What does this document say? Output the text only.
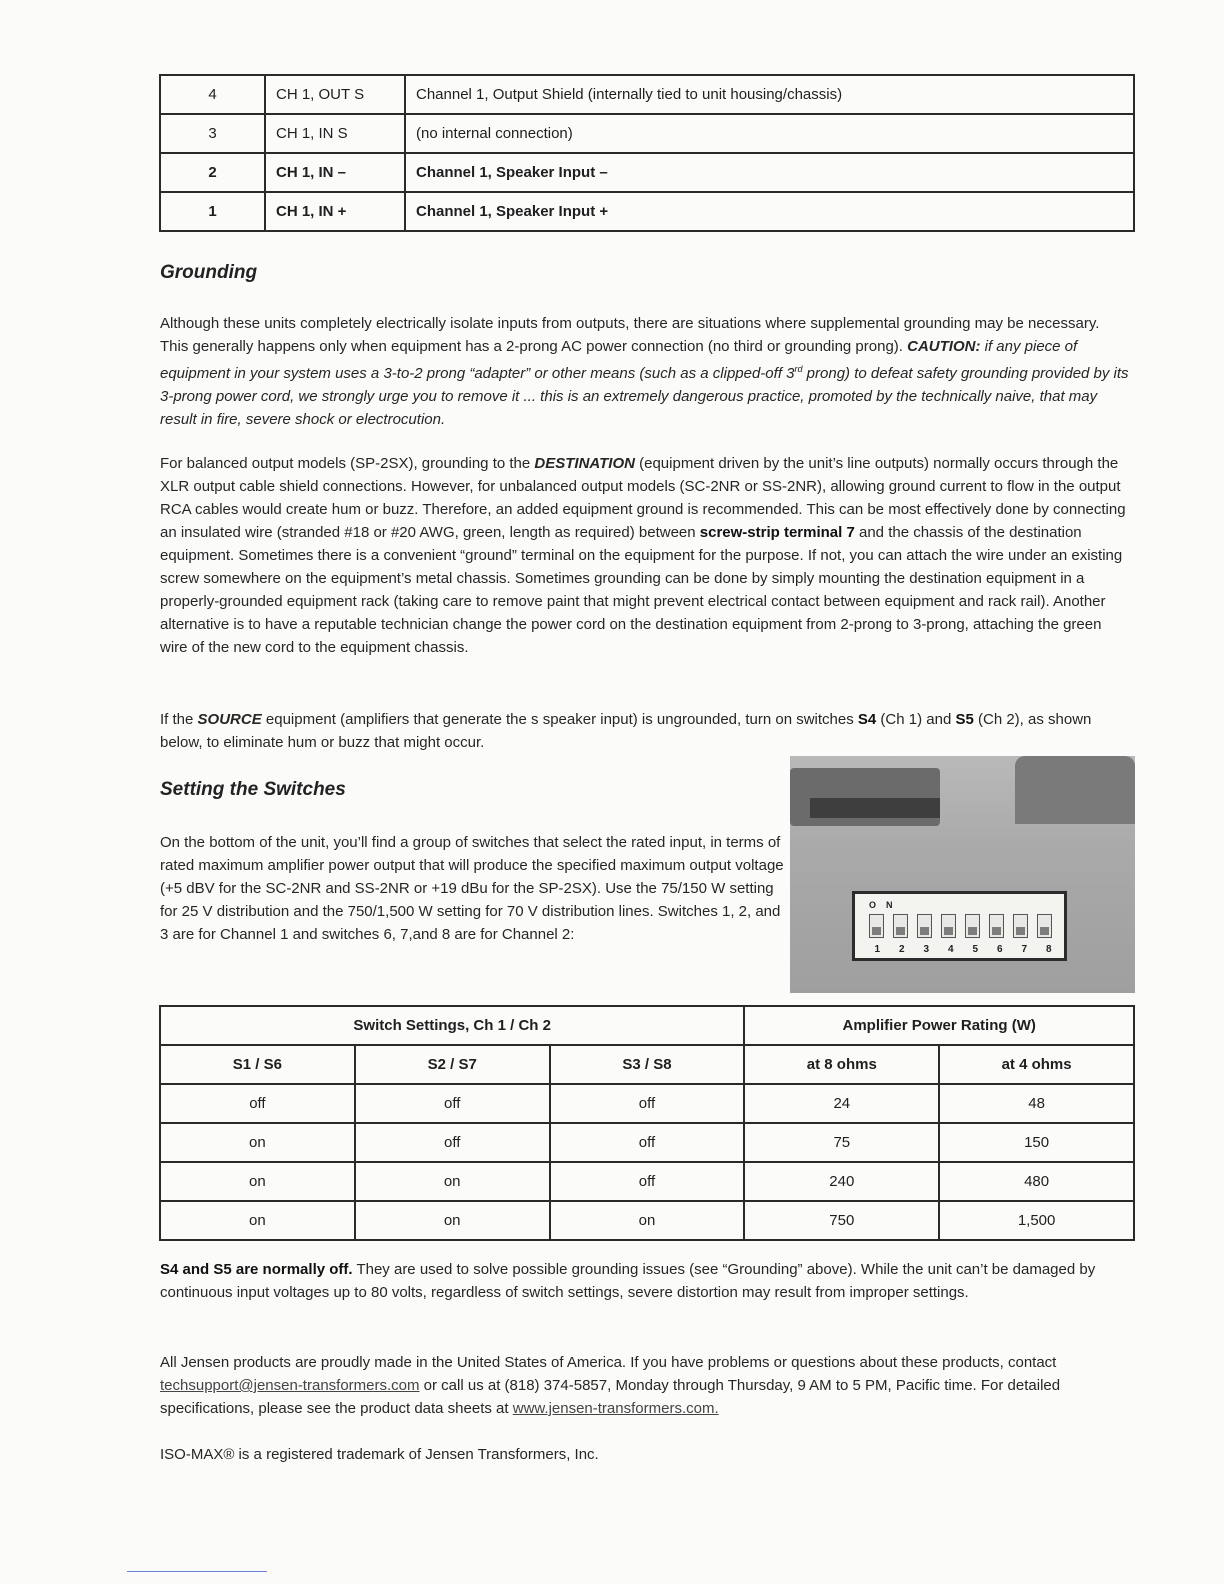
4	CH 1, OUT S	Channel 1, Output Shield (internally tied to unit housing/chassis)
3	CH 1, IN S	(no internal connection)
2	CH 1, IN –	Channel 1, Speaker Input –
1	CH 1, IN +	Channel 1, Speaker Input +
Grounding

Although these units completely electrically isolate inputs from outputs, there are situations where supplemental grounding may be necessary. This generally happens only when equipment has a 2-prong AC power connection (no third or grounding prong). CAUTION: if any piece of equipment in your system uses a 3-to-2 prong “adapter” or other means (such as a clipped-off 3rd prong) to defeat safety grounding provided by its 3-prong power cord, we strongly urge you to remove it ... this is an extremely dangerous practice, promoted by the technically naive, that may result in fire, severe shock or electrocution.

For balanced output models (SP-2SX), grounding to the DESTINATION (equipment driven by the unit’s line outputs) normally occurs through the XLR output cable shield connections. However, for unbalanced output models (SC-2NR or SS-2NR), allowing ground current to flow in the output RCA cables would create hum or buzz. Therefore, an added equipment ground is recommended. This can be most effectively done by connecting an insulated wire (stranded #18 or #20 AWG, green, length as required) between screw-strip terminal 7 and the chassis of the destination equipment. Sometimes there is a convenient “ground” terminal on the equipment for the purpose. If not, you can attach the wire under an existing screw somewhere on the equipment’s metal chassis. Sometimes grounding can be done by simply mounting the destination equipment in a properly-grounded equipment rack (taking care to remove paint that might prevent electrical contact between equipment and rack rail). Another alternative is to have a reputable technician change the power cord on the destination equipment from 2-prong to 3-prong, attaching the green wire of the new cord to the equipment chassis.

If the SOURCE equipment (amplifiers that generate the s speaker input) is ungrounded, turn on switches S4 (Ch 1) and S5 (Ch 2), as shown below, to eliminate hum or buzz that might occur.

Setting the Switches

On the bottom of the unit, you’ll find a group of switches that select the rated input, in terms of rated maximum amplifier power output that will produce the specified maximum output voltage (+5 dBV for the SC-2NR and SS-2NR or +19 dBu for the SP-2SX). Use the 75/150 W setting for 25 V distribution and the 750/1,500 W setting for 70 V distribution lines. Switches 1, 2, and 3 are for Channel 1 and switches 6, 7,and 8 are for Channel 2:

ON
1 2 3 4 5 6 7 8
Switch Settings, Ch 1 / Ch 2			Amplifier Power Rating (W)	
S1 / S6	S2 / S7	S3 / S8	at 8 ohms	at 4 ohms
off	off	off	24	48
on	off	off	75	150
on	on	off	240	480
on	on	on	750	1,500

S4 and S5 are normally off. They are used to solve possible grounding issues (see “Grounding” above). While the unit can’t be damaged by continuous input voltages up to 80 volts, regardless of switch settings, severe distortion may result from improper settings.

All Jensen products are proudly made in the United States of America. If you have problems or questions about these products, contact techsupport@jensen-transformers.com or call us at (818) 374-5857, Monday through Thursday, 9 AM to 5 PM, Pacific time. For detailed specifications, please see the product data sheets at www.jensen-transformers.com.

ISO-MAX® is a registered trademark of Jensen Transformers, Inc.
